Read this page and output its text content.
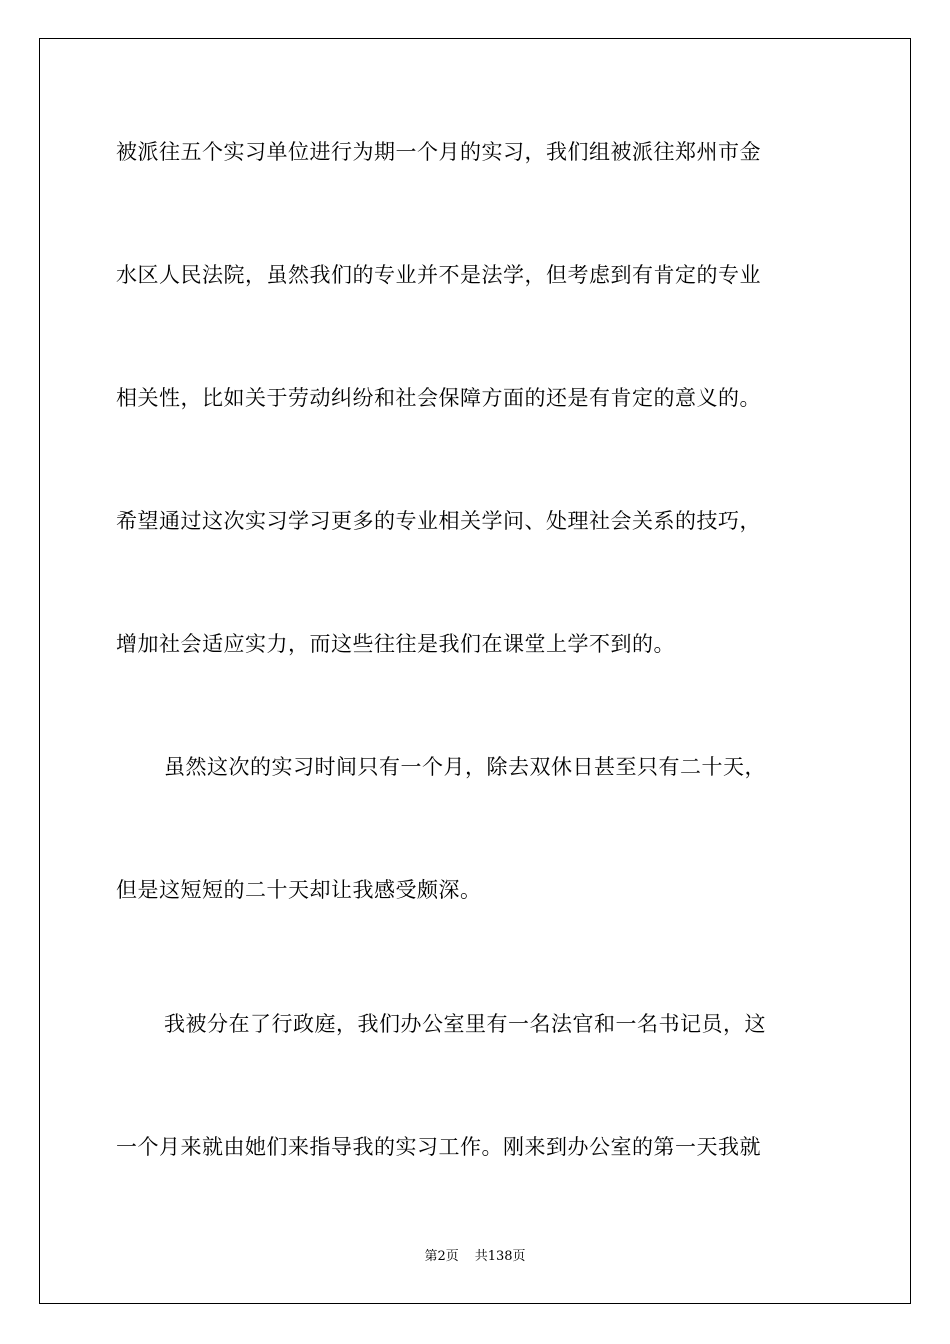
被派往五个实习单位进行为期一个月的实习，我们组被派往郑州市金

水区人民法院，虽然我们的专业并不是法学，但考虑到有肯定的专业

相关性，比如关于劳动纠纷和社会保障方面的还是有肯定的意义的。

希望通过这次实习学习更多的专业相关学问、处理社会关系的技巧，

增加社会适应实力，而这些往往是我们在课堂上学不到的。

虽然这次的实习时间只有一个月，除去双休日甚至只有二十天，

但是这短短的二十天却让我感受颇深。

我被分在了行政庭，我们办公室里有一名法官和一名书记员，这

一个月来就由她们来指导我的实习工作。刚来到办公室的第一天我就

第2页 共138页
